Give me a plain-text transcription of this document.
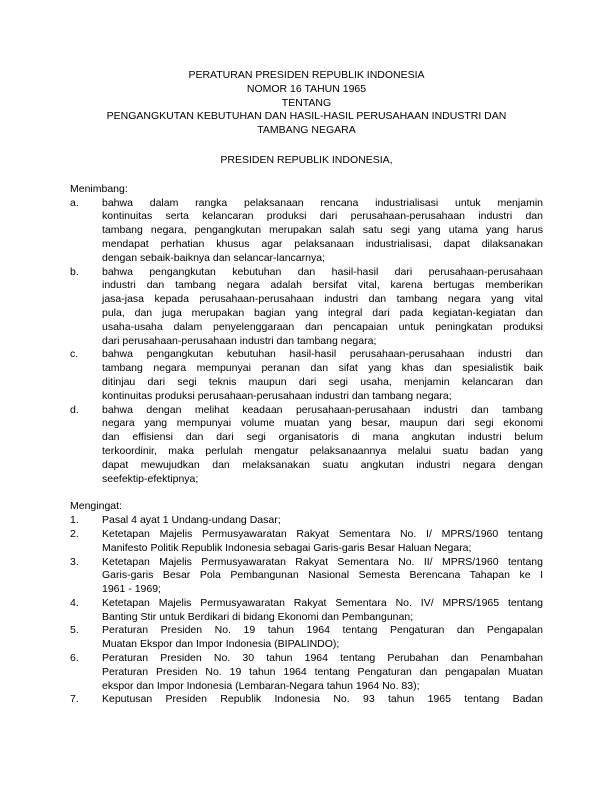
PERATURAN PRESIDEN REPUBLIK INDONESIA
NOMOR 16 TAHUN 1965
TENTANG
PENGANGKUTAN KEBUTUHAN DAN HASIL-HASIL PERUSAHAAN INDUSTRI DAN
TAMBANG NEGARA
PRESIDEN REPUBLIK INDONESIA,
Menimbang:
a.	bahwa dalam rangka pelaksanaan rencana industrialisasi untuk menjamin
kontinuitas serta kelancaran produksi dari perusahaan-perusahaan industri dan
tambang negara, pengangkutan merupakan salah satu segi yang utama yang harus
mendapat perhatian khusus agar pelaksanaan industrialisasi, dapat dilaksanakan
dengan sebaik-baiknya dan selancar-lancarnya;
b.	bahwa pengangkutan kebutuhan dan hasil-hasil dari perusahaan-perusahaan
industri dan tambang negara adalah bersifat vital, karena bertugas memberikan
jasa-jasa kepada perusahaan-perusahaan industri dan tambang negara yang vital
pula, dan juga merupakan bagian yang integral dari pada kegiatan-kegiatan dan
usaha-usaha dalam penyelenggaraan dan pencapaian untuk peningkatan produksi
dari perusahaan-perusahaan industri dan tambang negara;
c.	bahwa pengangkutan kebutuhan hasil-hasil perusahaan-perusahaan industri dan
tambang negara mempunyai peranan dan sifat yang khas dan spesialistik baik
ditinjau dari segi teknis maupun dari segi usaha, menjamin kelancaran dan
kontinuitas produksi perusahaan-perusahaan industri dan tambang negara;
d.	bahwa dengan melihat keadaan perusahaan-perusahaan industri dan tambang
negara yang mempunyai volume muatan yang besar, maupun dari segi ekonomi
dan effisiensi dan dari segi organisatoris di mana angkutan industri belum
terkoordinir, maka perlulah mengatur pelaksanaannya melalui suatu badan yang
dapat mewujudkan dan melaksanakan suatu angkutan industri negara dengan
seefektip-efektipnya;
Mengingat:
1.	Pasal 4 ayat 1 Undang-undang Dasar;
2.	Ketetapan Majelis Permusyawaratan Rakyat Sementara No. I/ MPRS/1960 tentang
Manifesto Politik Republik Indonesia sebagai Garis-garis Besar Haluan Negara;
3.	Ketetapan Majelis Permusyawaratan Rakyat Sementara No. II/ MPRS/1960 tentang
Garis-garis Besar Pola Pembangunan Nasional Semesta Berencana Tahapan ke I
1961 - 1969;
4.	Ketetapan Majelis Permusyawaratan Rakyat Sementara No. IV/ MPRS/1965 tentang
Banting Stir untuk Berdikari di bidang Ekonomi dan Pembangunan;
5.	Peraturan Presiden No. 19 tahun 1964 tentang Pengaturan dan Pengapalan
Muatan Ekspor dan Impor Indonesia (BIPALINDO);
6.	Peraturan Presiden No. 30 tahun 1964 tentang Perubahan dan Penambahan
Peraturan Presiden No. 19 tahun 1964 tentang Pengaturan dan pengapalan Muatan
ekspor dan Impor Indonesia (Lembaran-Negara tahun 1964 No. 83);
7.	Keputusan Presiden Republik Indonesia No. 93 tahun 1965 tentang Badan
